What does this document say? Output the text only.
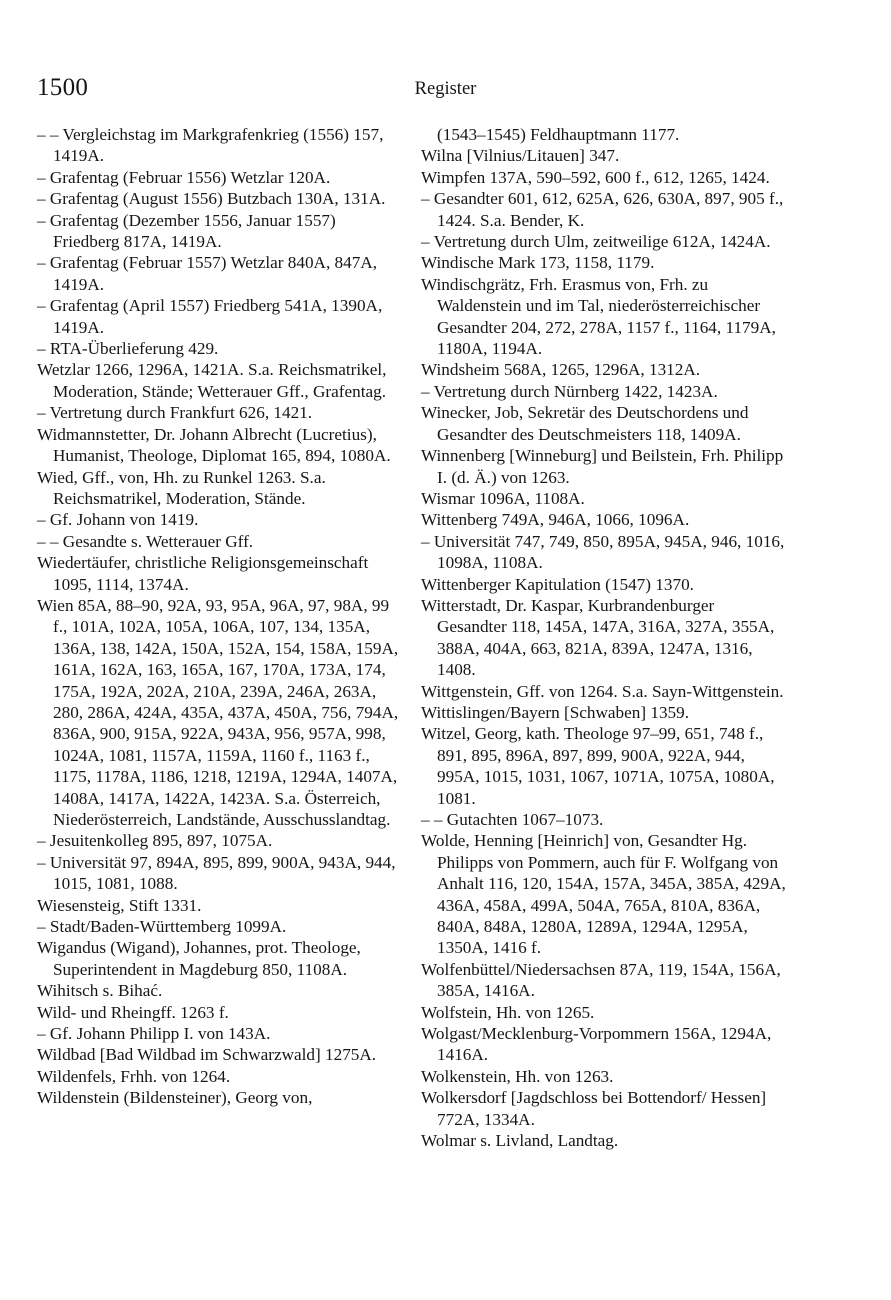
1500	Register
– – Vergleichstag im Markgrafenkrieg (1556) 157, 1419A.
– Grafentag (Februar 1556) Wetzlar 120A.
– Grafentag (August 1556) Butzbach 130A, 131A.
– Grafentag (Dezember 1556, Januar 1557) Friedberg 817A, 1419A.
– Grafentag (Februar 1557) Wetzlar 840A, 847A, 1419A.
– Grafentag (April 1557) Friedberg 541A, 1390A, 1419A.
– RTA-Überlieferung 429.
Wetzlar 1266, 1296A, 1421A. S.a. Reichsmatrikel, Moderation, Stände; Wetterauer Gff., Grafentag.
– Vertretung durch Frankfurt 626, 1421.
Widmannstetter, Dr. Johann Albrecht (Lucretius), Humanist, Theologe, Diplomat 165, 894, 1080A.
Wied, Gff., von, Hh. zu Runkel 1263. S.a. Reichsmatrikel, Moderation, Stände.
– Gf. Johann von 1419.
– – Gesandte s. Wetterauer Gff.
Wiedertäufer, christliche Religionsgemeinschaft 1095, 1114, 1374A.
Wien 85A, 88–90, 92A, 93, 95A, 96A, 97, 98A, 99 f., 101A, 102A, 105A, 106A, 107, 134, 135A, 136A, 138, 142A, 150A, 152A, 154, 158A, 159A, 161A, 162A, 163, 165A, 167, 170A, 173A, 174, 175A, 192A, 202A, 210A, 239A, 246A, 263A, 280, 286A, 424A, 435A, 437A, 450A, 756, 794A, 836A, 900, 915A, 922A, 943A, 956, 957A, 998, 1024A, 1081, 1157A, 1159A, 1160 f., 1163 f., 1175, 1178A, 1186, 1218, 1219A, 1294A, 1407A, 1408A, 1417A, 1422A, 1423A. S.a. Österreich, Niederösterreich, Landstände, Ausschusslandtag.
– Jesuitenkolleg 895, 897, 1075A.
– Universität 97, 894A, 895, 899, 900A, 943A, 944, 1015, 1081, 1088.
Wiesensteig, Stift 1331.
– Stadt/Baden-Württemberg 1099A.
Wigandus (Wigand), Johannes, prot. Theologe, Superintendent in Magdeburg 850, 1108A.
Wihitsch s. Bihać.
Wild- und Rheingff. 1263 f.
– Gf. Johann Philipp I. von 143A.
Wildbad [Bad Wildbad im Schwarzwald] 1275A.
Wildenfels, Frhh. von 1264.
Wildenstein (Bildensteiner), Georg von,
(1543–1545) Feldhauptmann 1177.
Wilna [Vilnius/Litauen] 347.
Wimpfen 137A, 590–592, 600 f., 612, 1265, 1424.
– Gesandter 601, 612, 625A, 626, 630A, 897, 905 f., 1424. S.a. Bender, K.
– Vertretung durch Ulm, zeitweilige 612A, 1424A.
Windische Mark 173, 1158, 1179.
Windischgrätz, Frh. Erasmus von, Frh. zu Waldenstein und im Tal, niederösterreichischer Gesandter 204, 272, 278A, 1157 f., 1164, 1179A, 1180A, 1194A.
Windsheim 568A, 1265, 1296A, 1312A.
– Vertretung durch Nürnberg 1422, 1423A.
Winecker, Job, Sekretär des Deutschordens und Gesandter des Deutschmeisters 118, 1409A.
Winnenberg [Winneburg] und Beilstein, Frh. Philipp I. (d. Ä.) von 1263.
Wismar 1096A, 1108A.
Wittenberg 749A, 946A, 1066, 1096A.
– Universität 747, 749, 850, 895A, 945A, 946, 1016, 1098A, 1108A.
Wittenberger Kapitulation (1547) 1370.
Witterstadt, Dr. Kaspar, Kurbrandenburger Gesandter 118, 145A, 147A, 316A, 327A, 355A, 388A, 404A, 663, 821A, 839A, 1247A, 1316, 1408.
Wittgenstein, Gff. von 1264. S.a. Sayn-Wittgenstein.
Wittislingen/Bayern [Schwaben] 1359.
Witzel, Georg, kath. Theologe 97–99, 651, 748 f., 891, 895, 896A, 897, 899, 900A, 922A, 944, 995A, 1015, 1031, 1067, 1071A, 1075A, 1080A, 1081.
– – Gutachten 1067–1073.
Wolde, Henning [Heinrich] von, Gesandter Hg. Philipps von Pommern, auch für F. Wolfgang von Anhalt 116, 120, 154A, 157A, 345A, 385A, 429A, 436A, 458A, 499A, 504A, 765A, 810A, 836A, 840A, 848A, 1280A, 1289A, 1294A, 1295A, 1350A, 1416 f.
Wolfenbüttel/Niedersachsen 87A, 119, 154A, 156A, 385A, 1416A.
Wolfstein, Hh. von 1265.
Wolgast/Mecklenburg-Vorpommern 156A, 1294A, 1416A.
Wolkenstein, Hh. von 1263.
Wolkersdorf [Jagdschloss bei Bottendorf/ Hessen] 772A, 1334A.
Wolmar s. Livland, Landtag.
